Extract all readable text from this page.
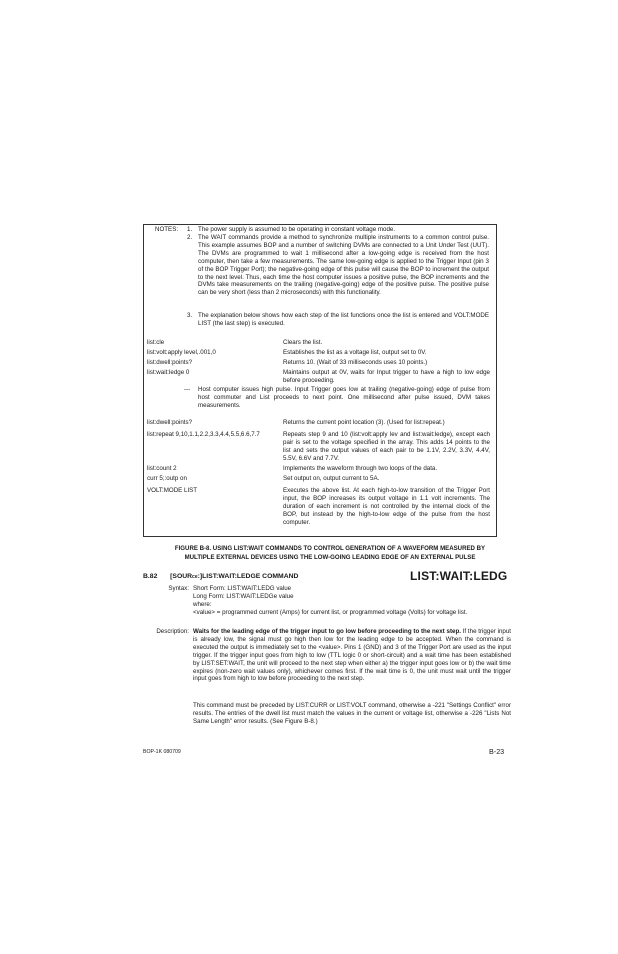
NOTES: 1. The power supply is assumed to be operating in constant voltage mode.
2. The WAIT commands provide a method to synchronize multiple instruments to a common control pulse. This example assumes BOP and a number of switching DVMs are connected to a Unit Under Test (UUT). The DVMs are programmed to wait 1 millisecond after a low-going edge is received from the host computer, then take a few measurements. The same low-going edge is applied to the Trigger Input (pin 3 of the BOP Trigger Port); the negative-going edge of this pulse will cause the BOP to increment the output to the next level. Thus, each time the host computer issues a positive pulse, the BOP increments and the DVMs take measurements on the trailing (negative-going) edge of the positive pulse. The positive pulse can be very short (less than 2 microseconds) with this functionality.
3. The explanation below shows how each step of the list functions once the list is entered and VOLT:MODE LIST (the last step) is executed.
list:cle	Clears the list.
list:volt:apply level,.001,0	Establishes the list as a voltage list, output set to 0V.
list:dwell:points?	Returns 10. (Wait of 33 milliseconds uses 10 points.)
list:wait:ledge 0	Maintains output at 0V, waits for Input trigger to have a high to low edge before proceeding.
--- Host computer issues high pulse. Input Trigger goes low at trailing (negative-going) edge of pulse from host commuter and List proceeds to next point. One millisecond after pulse issued, DVM takes measurements.
list:dwell:points?	Returns the current point location (3). (Used for list:repeat.)
list:repeat 9,10,1.1,2.2,3.3,4.4,5.5,6.6,7.7	Repeats step 9 and 10 (list:volt:apply lev and list:wait:ledge), except each pair is set to the voltage specified in the array. This adds 14 points to the list and sets the output values of each pair to be 1.1V, 2.2V, 3.3V, 4.4V, 5.5V, 6.6V and 7.7V.
list:count 2	Implements the waveform through two loops of the data.
curr 5;:outp on	Set output on, output current to 5A.
VOLT:MODE LIST	Executes the above list. At each high-to-low transition of the Trigger Port input, the BOP increases its output voltage in 1.1 volt increments. The duration of each increment is not controlled by the internal clock of the BOP, but instead by the high-to-low edge of the pulse from the host computer.
FIGURE B-8. USING LIST:WAIT COMMANDS TO CONTROL GENERATION OF A WAVEFORM MEASURED BY
MULTIPLE EXTERNAL DEVICES USING THE LOW-GOING LEADING EDGE OF AN EXTERNAL PULSE
B.82 [SOURce:]LIST:WAIT:LEDGE COMMAND	LIST:WAIT:LEDG
Syntax: Short Form: LIST:WAIT:LEDG value
Long Form: LIST:WAIT:LEDGe value
where:
<value> = programmed current (Amps) for current list, or programmed voltage (Volts) for voltage list.
Description: Waits for the leading edge of the trigger input to go low before proceeding to the next step. If the trigger input is already low, the signal must go high then low for the leading edge to be accepted. When the command is executed the output is immediately set to the <value>. Pins 1 (GND) and 3 of the Trigger Port are used as the input trigger. If the trigger input goes from high to low (TTL logic 0 or short-circuit) and a wait time has been established by LIST:SET:WAIT, the unit will proceed to the next step when either a) the trigger input goes low or b) the wait time expires (non-zero wait values only), whichever comes first. If the wait time is 0, the unit must wait until the trigger input goes from high to low before proceeding to the next step.
This command must be preceded by LIST:CURR or LIST:VOLT command, otherwise a -221 "Settings Conflict" error results. The entries of the dwell list must match the values in the current or voltage list, otherwise a -226 "Lists Not Same Length" error results. (See Figure B-8.)
BOP-1K 080709	B-23
